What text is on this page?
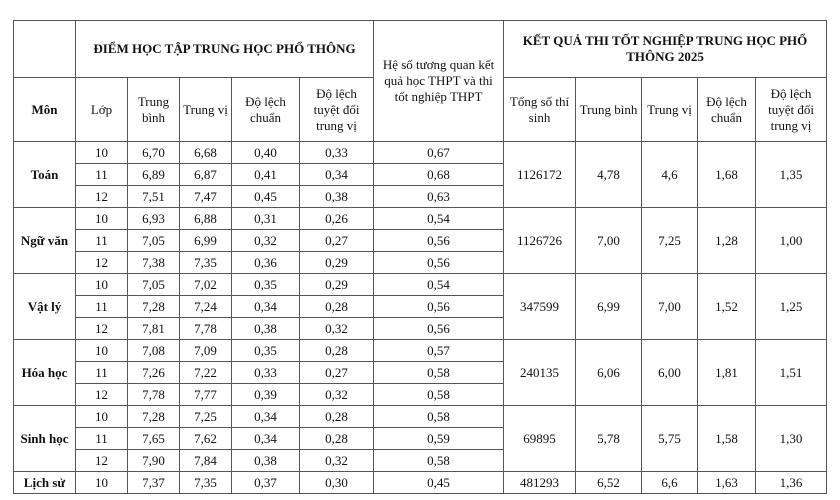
	ĐIỂM HỌC TẬP TRUNG HỌC PHỔ THÔNG					Hệ số tương quan kết quả học THPT và thi tốt nghiệp THPT	KẾT QUẢ THI TỐT NGHIỆP TRUNG HỌC PHỔ THÔNG 2025				
Môn	Lớp	Trung bình	Trung vị	Độ lệch chuẩn	Độ lệch tuyệt đối trung vị		Tổng số thí sinh	Trung bình	Trung vị	Độ lệch chuẩn	Độ lệch tuyệt đối trung vị
Toán	10	6,70	6,68	0,40	0,33	0,67	1126172	4,78	4,6	1,68	1,35
	11	6,89	6,87	0,41	0,34	0,68					
	12	7,51	7,47	0,45	0,38	0,63					
Ngữ văn	10	6,93	6,88	0,31	0,26	0,54	1126726	7,00	7,25	1,28	1,00
	11	7,05	6,99	0,32	0,27	0,56					
	12	7,38	7,35	0,36	0,29	0,56					
Vật lý	10	7,05	7,02	0,35	0,29	0,54	347599	6,99	7,00	1,52	1,25
	11	7,28	7,24	0,34	0,28	0,56					
	12	7,81	7,78	0,38	0,32	0,56					
Hóa học	10	7,08	7,09	0,35	0,28	0,57	240135	6,06	6,00	1,81	1,51
	11	7,26	7,22	0,33	0,27	0,58					
	12	7,78	7,77	0,39	0,32	0,58					
Sinh học	10	7,28	7,25	0,34	0,28	0,58	69895	5,78	5,75	1,58	1,30
	11	7,65	7,62	0,34	0,28	0,59					
	12	7,90	7,84	0,38	0,32	0,58					
Lịch sử	10	7,37	7,35	0,37	0,30	0,45	481293	6,52	6,6	1,63	1,36
